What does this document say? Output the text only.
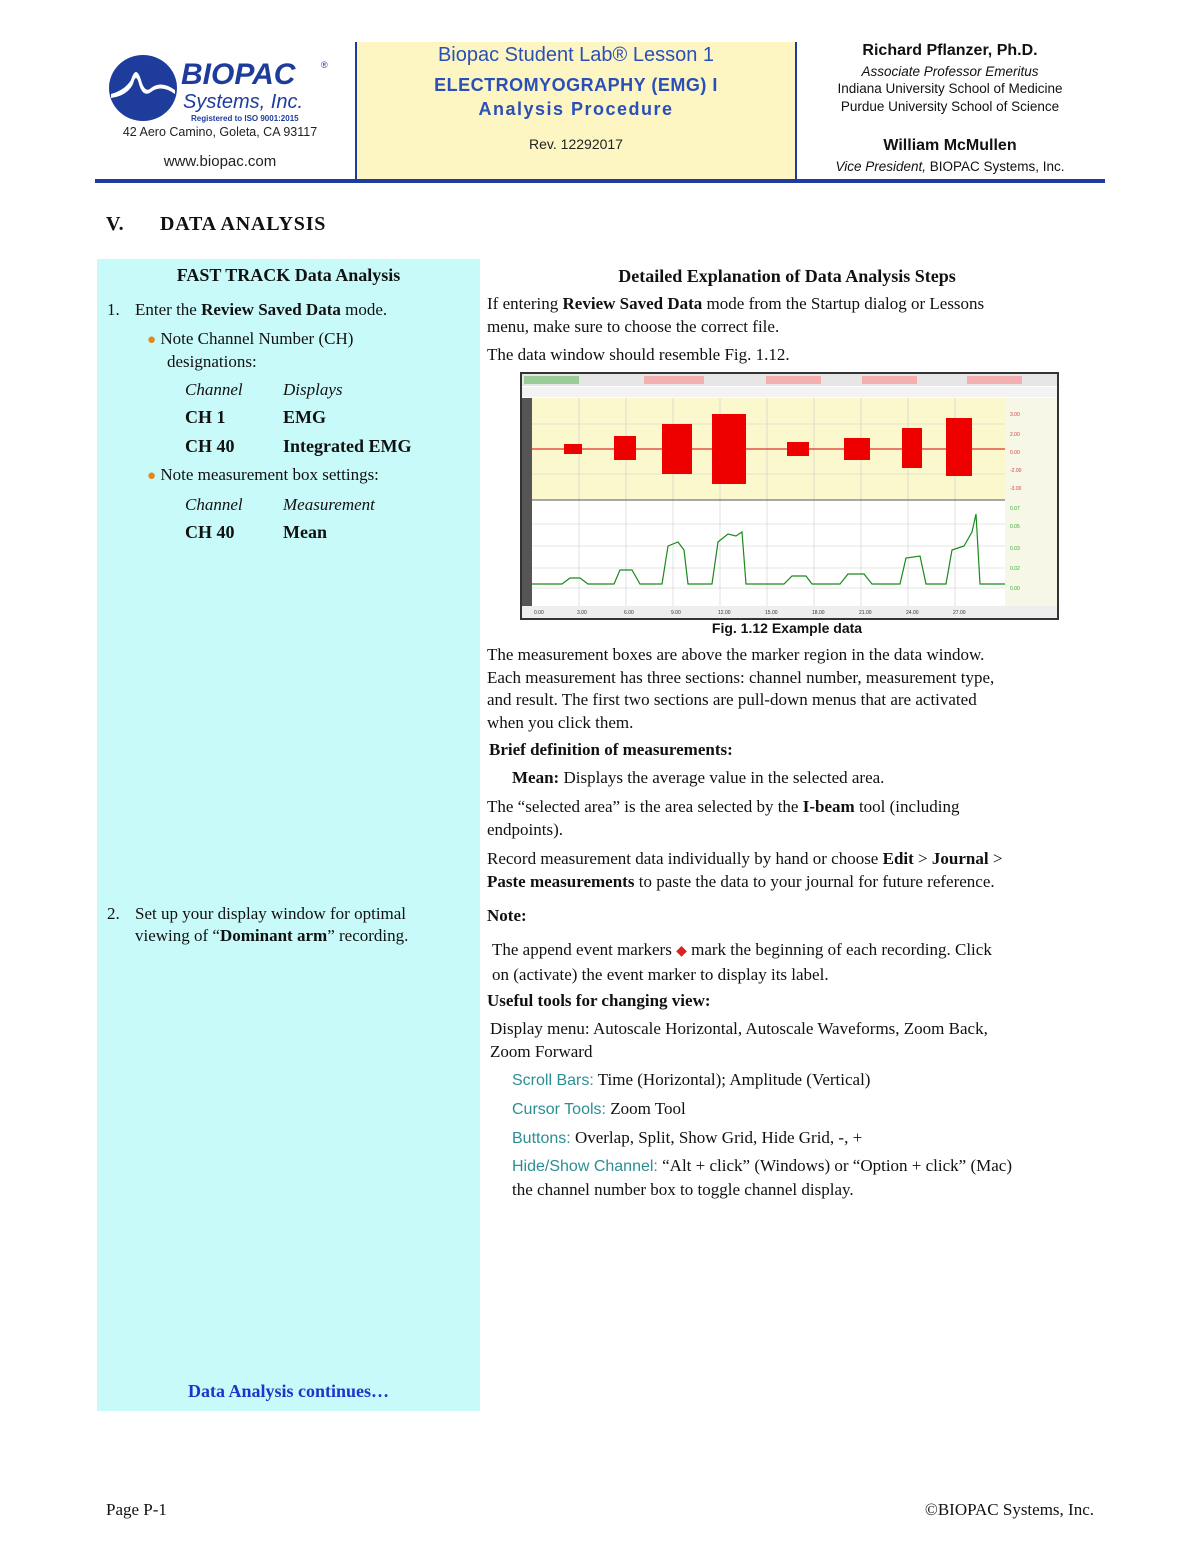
BIOPAC	®
Systems, Inc.
Registered to ISO 9001:2015
42 Aero Camino, Goleta, CA 93117
www.biopac.com
Biopac Student Lab® Lesson 1
ELECTROMYOGRAPHY (EMG) I
Analysis Procedure
Rev. 12292017
Richard Pflanzer, Ph.D.
Associate Professor Emeritus
Indiana University School of Medicine
Purdue University School of Science
William McMullen
Vice President, BIOPAC Systems, Inc.
V. DATA ANALYSIS
FAST TRACK Data Analysis
1. Enter the Review Saved Data mode.
● Note Channel Number (CH)
designations:
Channel Displays
CH 1	EMG
CH 40	Integrated EMG
● Note measurement box settings:
Channel Measurement
CH 40	Mean
2. Set up your display window for optimal
viewing of “Dominant arm” recording.
Data Analysis continues…
Detailed Explanation of Data Analysis Steps
If entering Review Saved Data mode from the Startup dialog or Lessons
menu, make sure to choose the correct file.
The data window should resemble Fig. 1.12.
3.00
2.00
0.00
-2.00
-3.00
0.07
0.05
0.03
0.02
0.00
0.00	3.00	6.00	9.00	12.00	15.00	18.00	21.00	24.00	27.00
Fig. 1.12 Example data
The measurement boxes are above the marker region in the data window.
Each measurement has three sections: channel number, measurement type,
and result. The first two sections are pull-down menus that are activated
when you click them.
Brief definition of measurements:
Mean: Displays the average value in the selected area.
The “selected area” is the area selected by the I-beam tool (including
endpoints).
Record measurement data individually by hand or choose Edit > Journal >
Paste measurements to paste the data to your journal for future reference.
Note:
The append event markers ◆ mark the beginning of each recording. Click
on (activate) the event marker to display its label.
Useful tools for changing view:
Display menu: Autoscale Horizontal, Autoscale Waveforms, Zoom Back,
Zoom Forward
Scroll Bars: Time (Horizontal); Amplitude (Vertical)
Cursor Tools: Zoom Tool
Buttons: Overlap, Split, Show Grid, Hide Grid, -, +
Hide/Show Channel: “Alt + click” (Windows) or “Option + click” (Mac)
the channel number box to toggle channel display.
Page P-1	©BIOPAC Systems, Inc.
